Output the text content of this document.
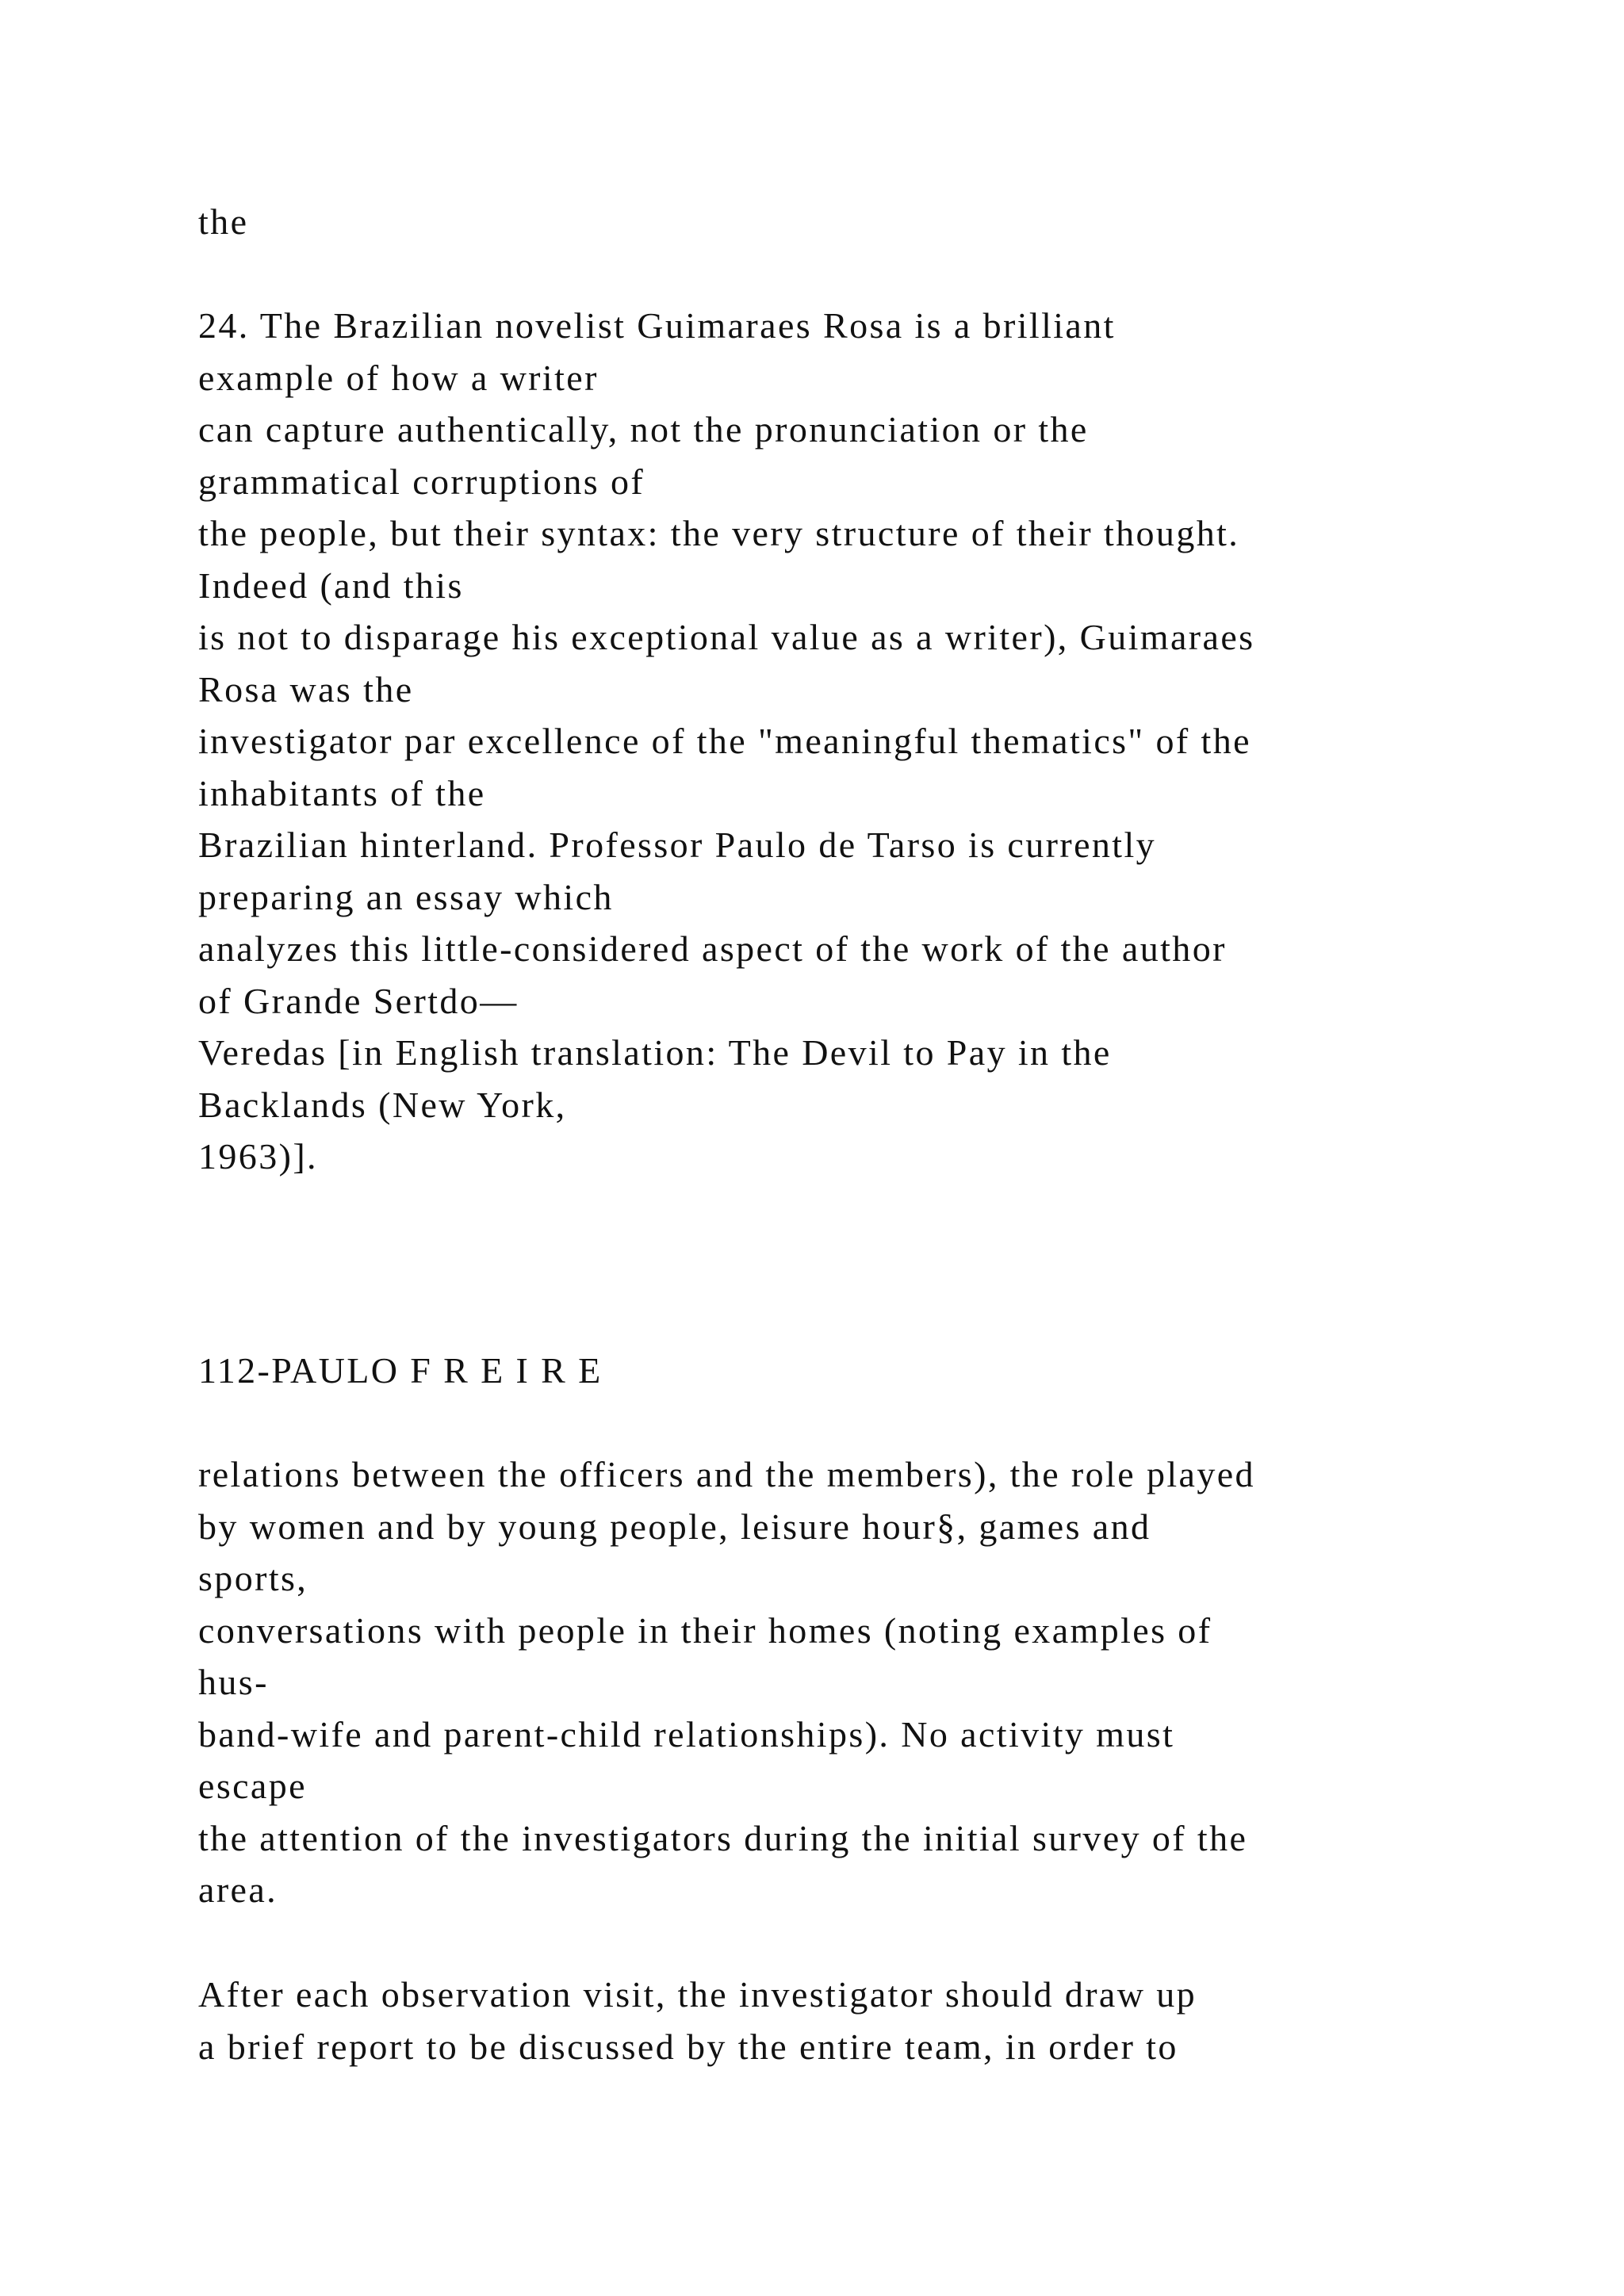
the
24. The Brazilian novelist Guimaraes Rosa is a brilliant
example of how a writer
can capture authentically, not the pronunciation or the
grammatical corruptions of
the people, but their syntax: the very structure of their thought.
Indeed (and this
is not to disparage his exceptional value as a writer), Guimaraes
Rosa was the
investigator par excellence of the "meaningful thematics" of the
inhabitants of the
Brazilian hinterland. Professor Paulo de Tarso is currently
preparing an essay which
analyzes this little-considered aspect of the work of the author
of Grande Sertdo—
Veredas [in English translation: The Devil to Pay in the
Backlands (New York,
1963)].
112-PAULO F R E I R E
relations between the officers and the members), the role played
by women and by young people, leisure hour§, games and
sports,
conversations with people in their homes (noting examples of
hus-
band-wife and parent-child relationships). No activity must
escape
the attention of the investigators during the initial survey of the
area.
After each observation visit, the investigator should draw up
a brief report to be discussed by the entire team, in order to
